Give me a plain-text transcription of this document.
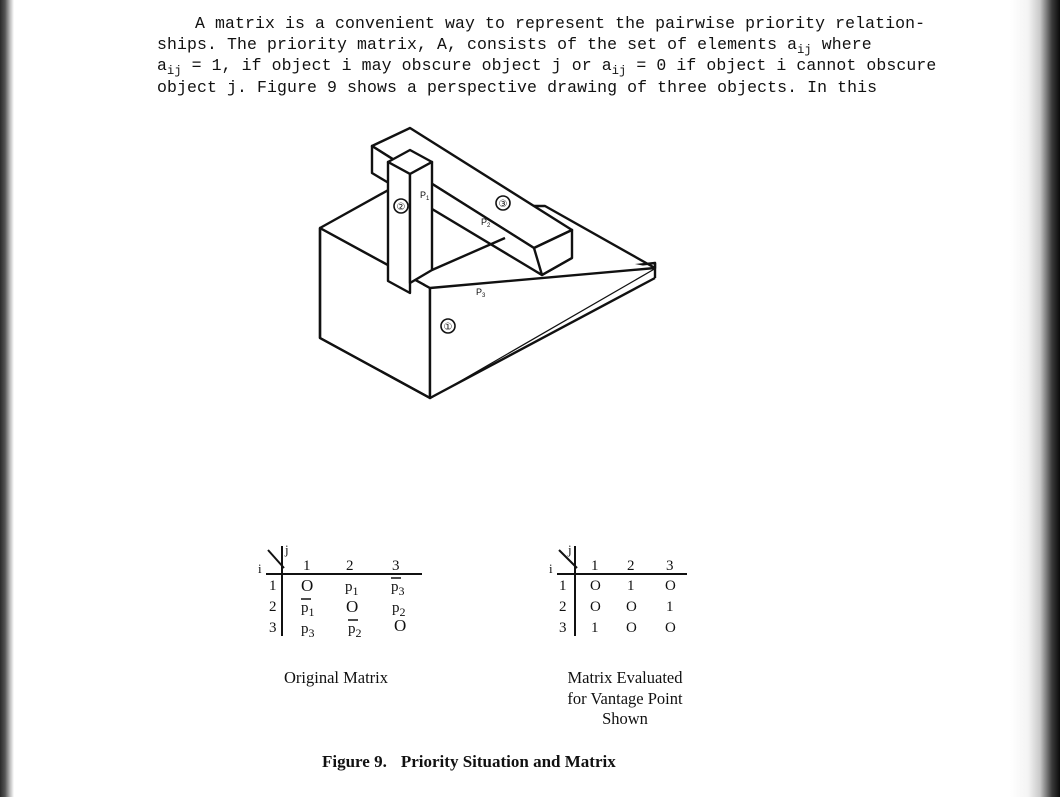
A matrix is a convenient way to represent the pairwise priority relation-
ships. The priority matrix, A, consists of the set of elements $a_{ij}$ where
$a_{ij} = 1$, if object i may obscure object j or $a_{ij} = 0$ if object i cannot obscure
object j. Figure 9 shows a perspective drawing of three objects. In this
②	③
①
$P_1$
$P_2$
$P_3$
i
j
1 2	3
1
2
3
O $p_1$ $p_3$
$p_1$ O $p_2$
$p_3$ $p_2$ O
Original Matrix
i
j
1 2 3
1
2
3
O 1 O
O O 1
1 O O
Matrix Evaluated
for Vantage Point
Shown
Figure 9. Priority Situation and Matrix
